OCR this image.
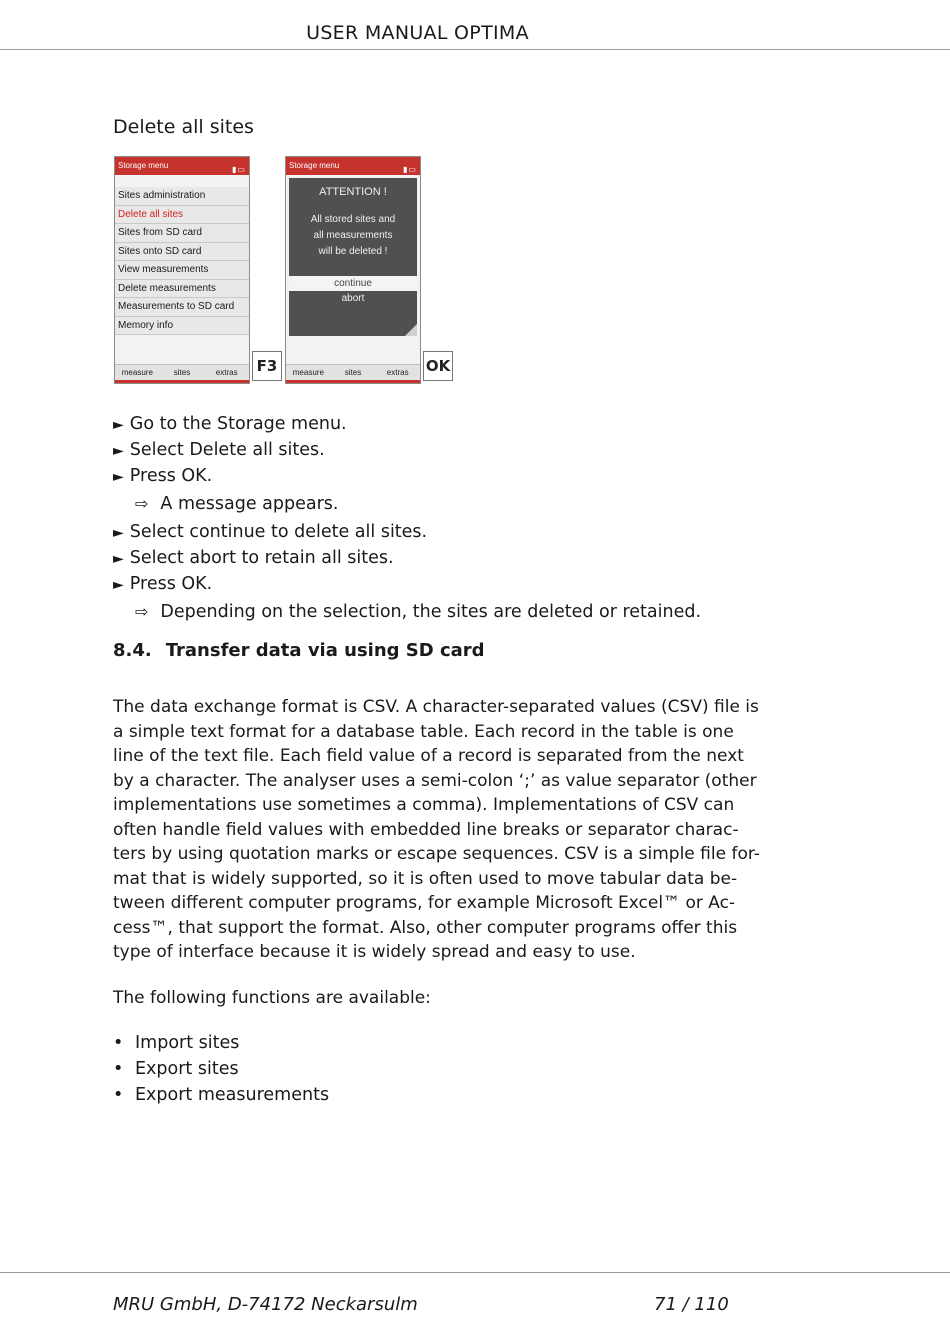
USER MANUAL OPTIMA
Delete all sites
Storage menu	▮▭
Sites administration
Delete all sites
Sites from SD card
Sites onto SD card
View measurements
Delete measurements
Measurements to SD card
Memory info
measure	sites	extras	F3
Storage menu	▮▭
ATTENTION !
All stored sites and
all measurements
will be deleted !
continue
abort
measure	sites	extras	OK
► Go to the Storage menu.
► Select Delete all sites.
► Press OK.
⇨ A message appears.
► Select continue to delete all sites.
► Select abort to retain all sites.
► Press OK.
⇨ Depending on the selection, the sites are deleted or retained.
8.4. Transfer data via using SD card
The data exchange format is CSV. A character-separated values (CSV) file is
a simple text format for a database table. Each record in the table is one
line of the text file. Each field value of a record is separated from the next
by a character. The analyser uses a semi-colon ‘;’ as value separator (other
implementations use sometimes a comma). Implementations of CSV can
often handle field values with embedded line breaks or separator charac-
ters by using quotation marks or escape sequences. CSV is a simple file for-
mat that is widely supported, so it is often used to move tabular data be-
tween different computer programs, for example Microsoft Excel™ or Ac-
cess™, that support the format. Also, other computer programs offer this
type of interface because it is widely spread and easy to use.
The following functions are available:
• Import sites
• Export sites
• Export measurements
MRU GmbH, D-74172 Neckarsulm	71 / 110
